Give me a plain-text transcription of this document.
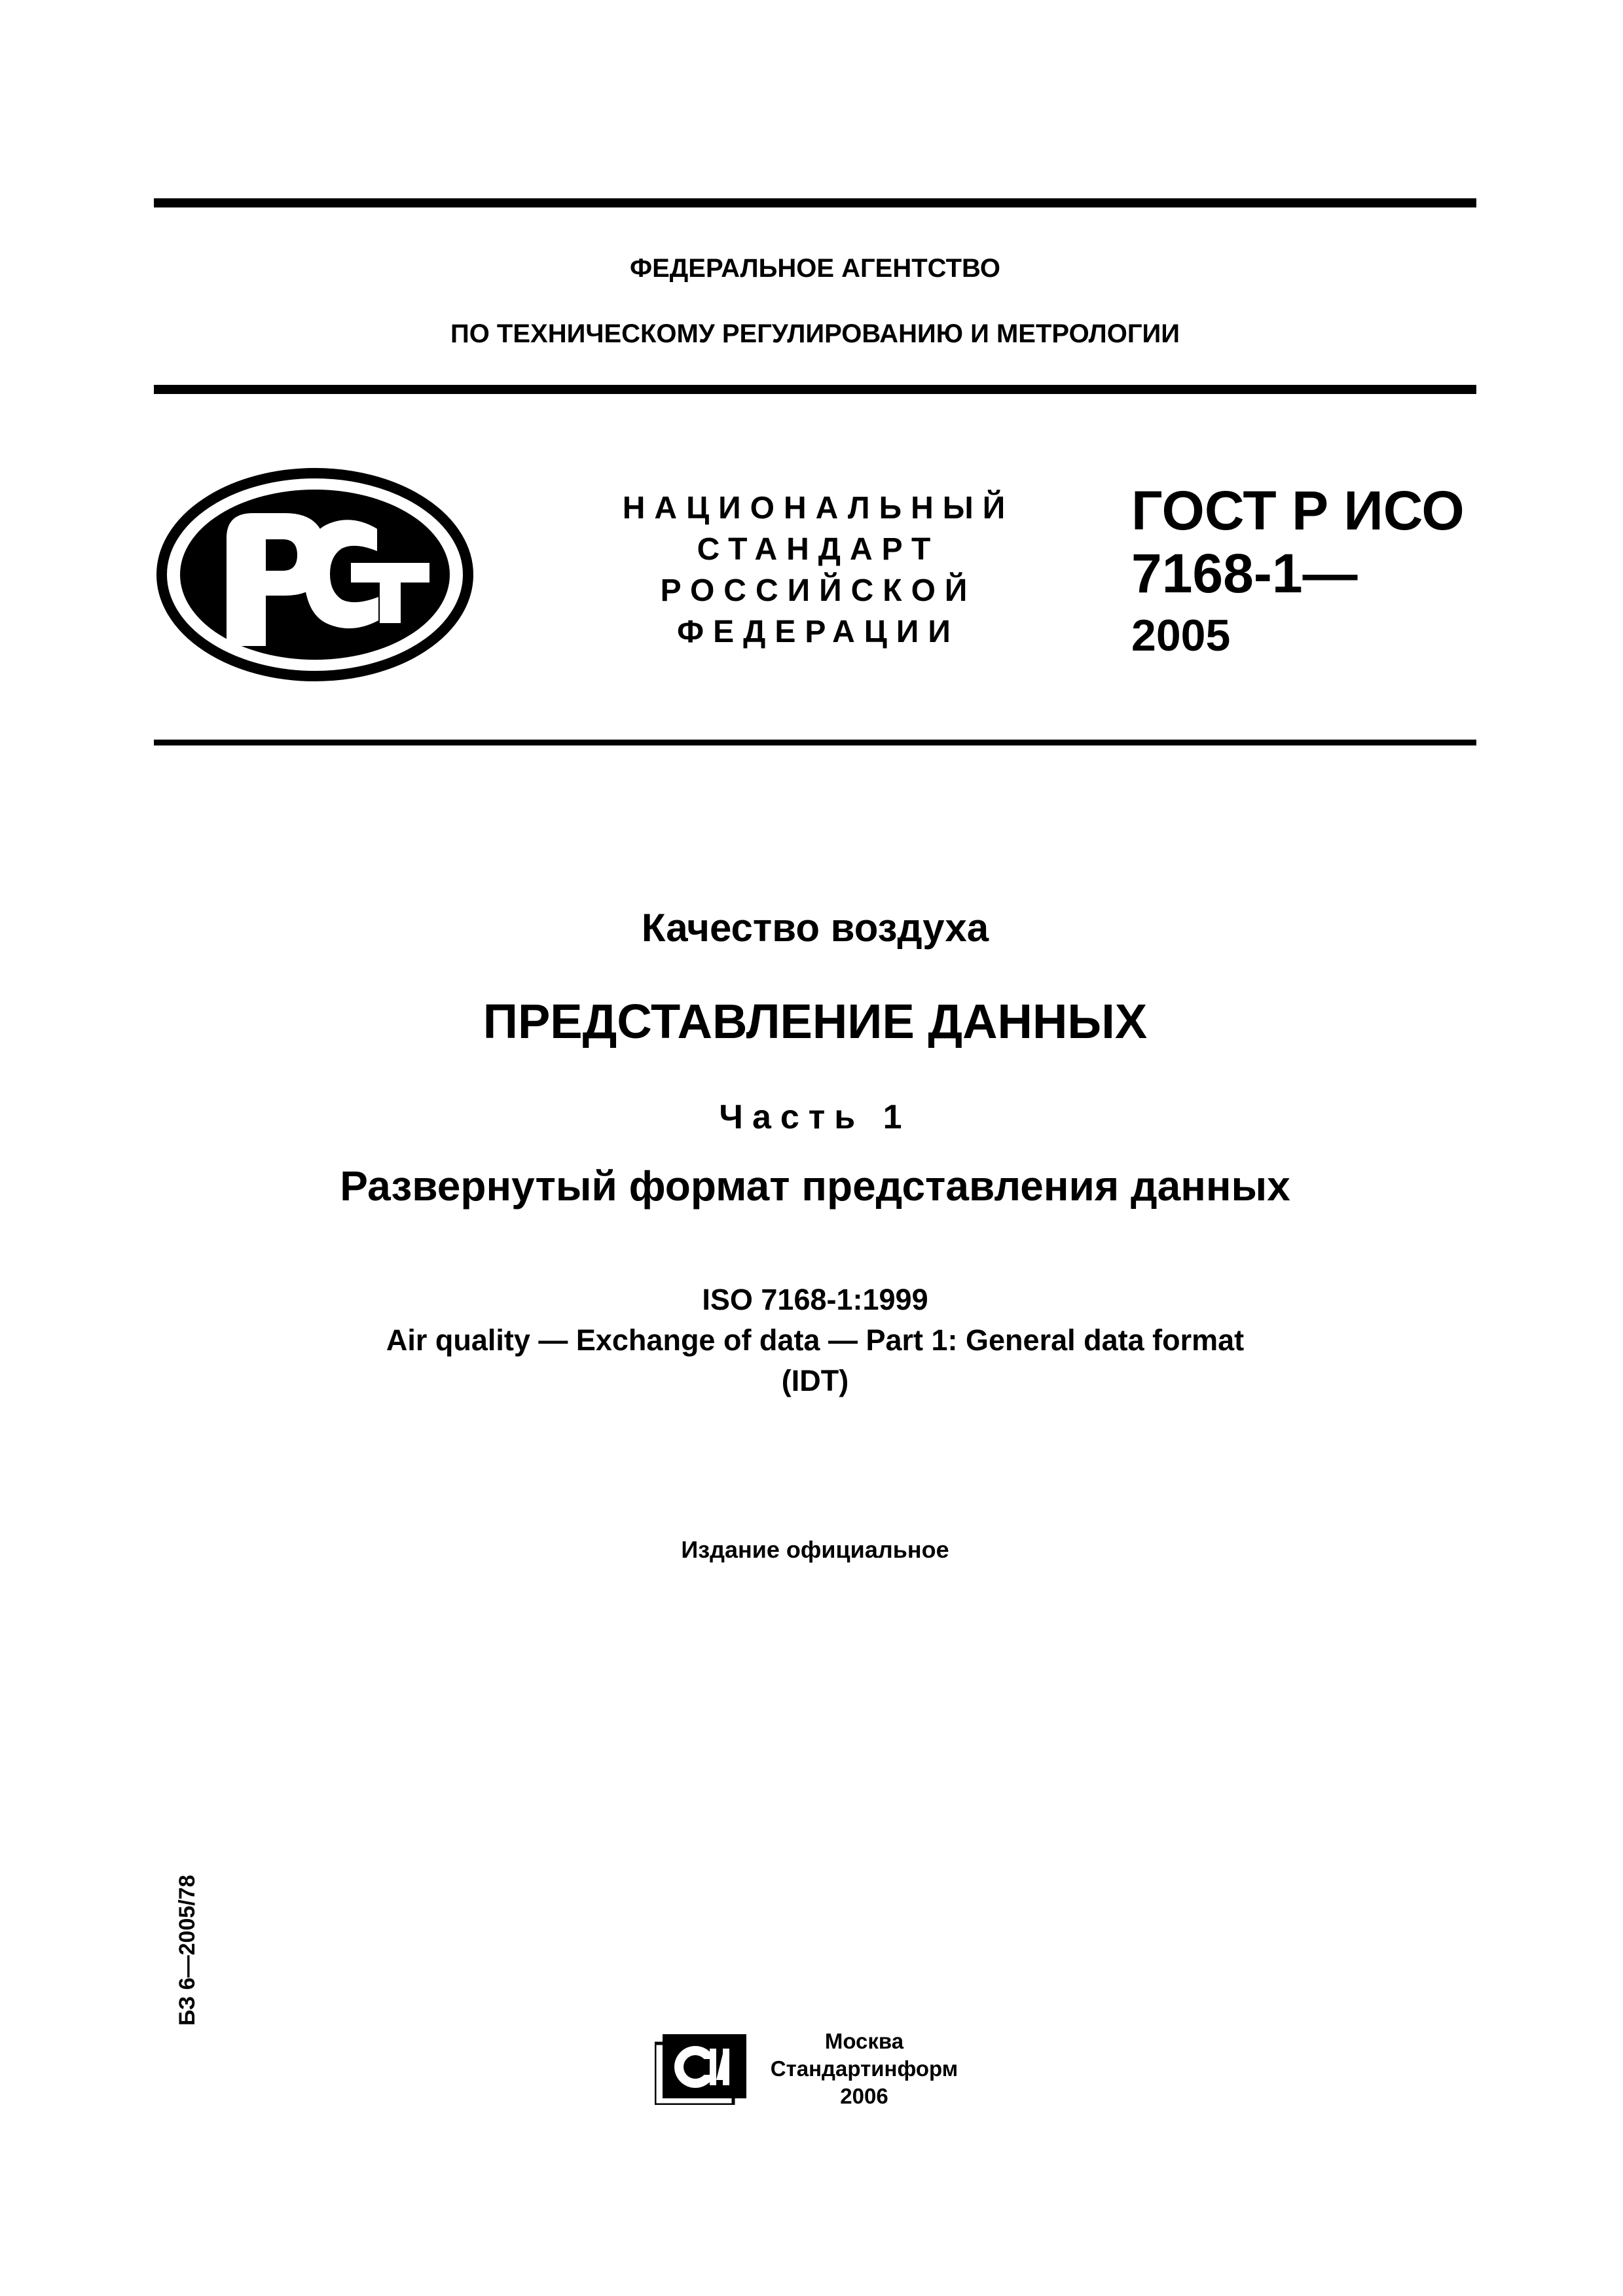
ФЕДЕРАЛЬНОЕ АГЕНТСТВО
ПО ТЕХНИЧЕСКОМУ РЕГУЛИРОВАНИЮ И МЕТРОЛОГИИ
НАЦИОНАЛЬНЫЙ
СТАНДАРТ
РОССИЙСКОЙ
ФЕДЕРАЦИИ
ГОСТ Р ИСО
7168-1—
2005
Качество воздуха
ПРЕДСТАВЛЕНИЕ ДАННЫХ
Часть 1
Развернутый формат представления данных
ISO 7168-1:1999
Air quality — Exchange of data — Part 1: General data format
(IDT)
Издание официальное
БЗ 6—2005/78
Москва
Стандартинформ
2006
